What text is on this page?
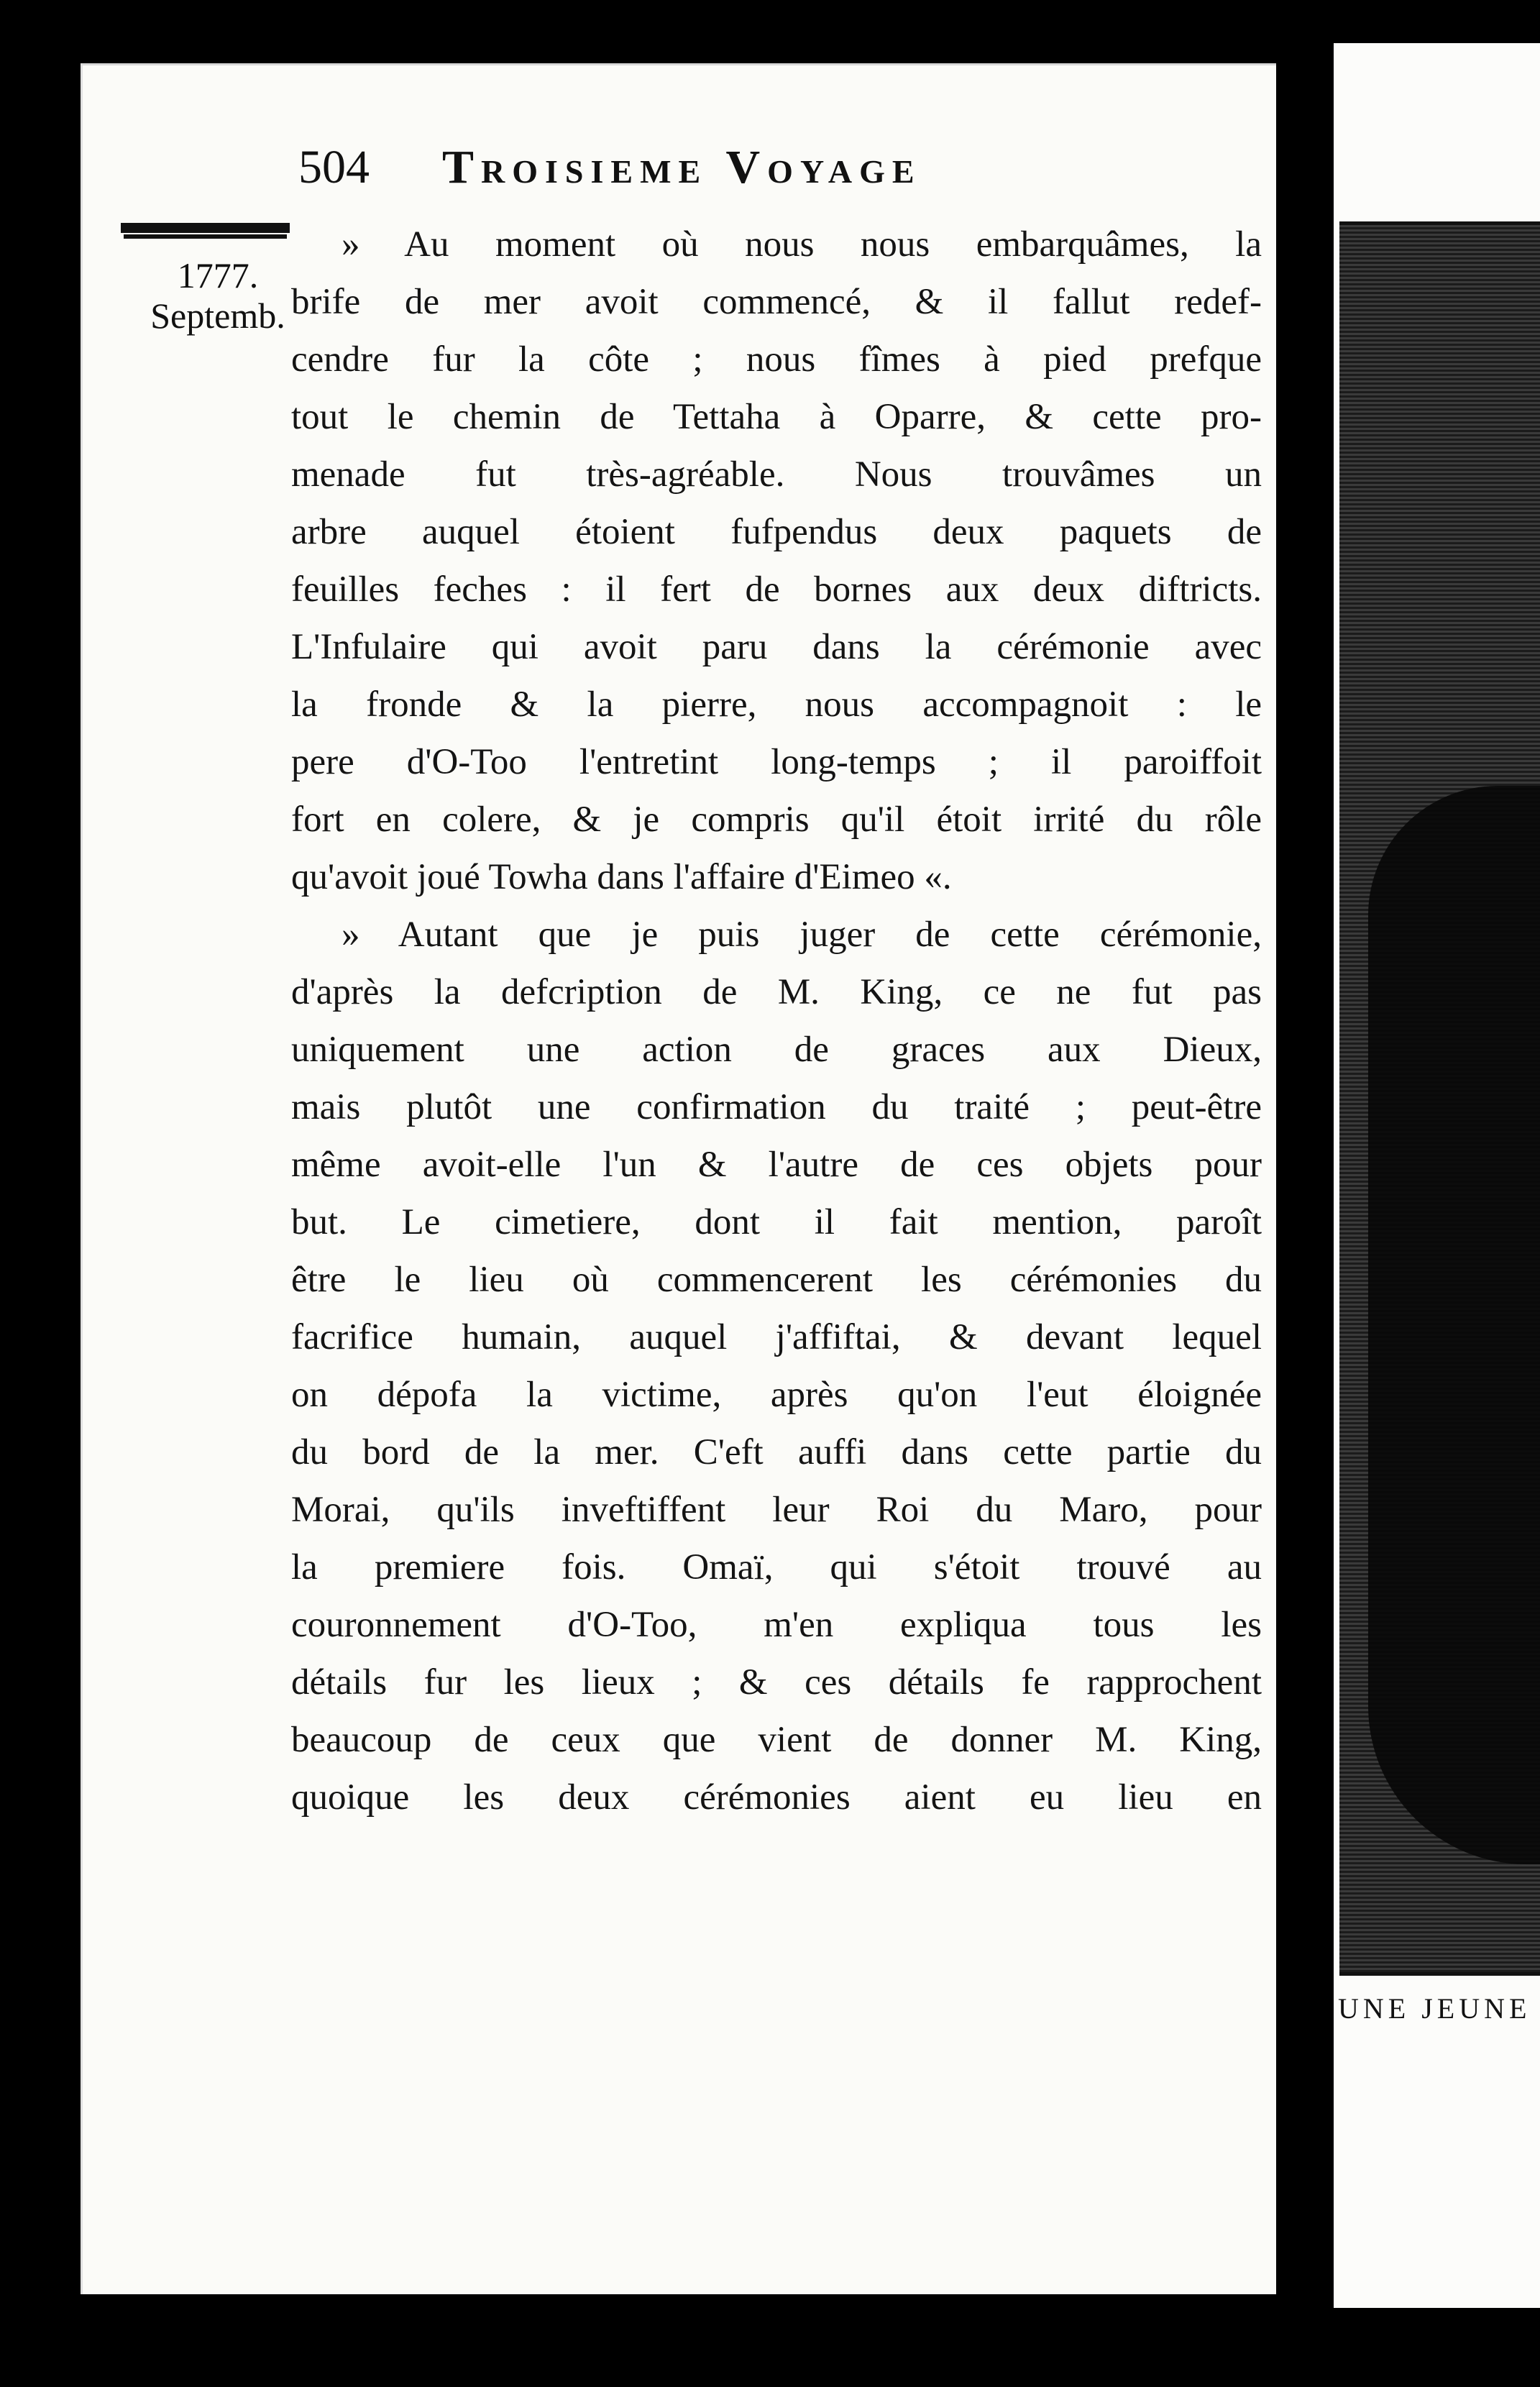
504 Troisieme Voyage
1777.
Septemb.
» Au moment où nous nous embarquâmes, la
brife de mer avoit commencé, & il fallut redef-
cendre fur la côte ; nous fîmes à pied prefque
tout le chemin de Tettaha à Oparre, & cette pro-
menade fut très-agréable. Nous trouvâmes un
arbre auquel étoient fufpendus deux paquets de
feuilles feches : il fert de bornes aux deux diftricts.
L'Infulaire qui avoit paru dans la cérémonie avec
la fronde & la pierre, nous accompagnoit : le
pere d'O-Too l'entretint long-temps ; il paroiffoit
fort en colere, & je compris qu'il étoit irrité du rôle
qu'avoit joué Towha dans l'affaire d'Eimeo «.
» Autant que je puis juger de cette cérémonie,
d'après la defcription de M. King, ce ne fut pas
uniquement une action de graces aux Dieux,
mais plutôt une confirmation du traité ; peut-être
même avoit-elle l'un & l'autre de ces objets pour
but. Le cimetiere, dont il fait mention, paroît
être le lieu où commencerent les cérémonies du
facrifice humain, auquel j'affiftai, & devant lequel
on dépofa la victime, après qu'on l'eut éloignée
du bord de la mer. C'eft auffi dans cette partie du
Morai, qu'ils inveftiffent leur Roi du Maro, pour
la premiere fois. Omaï, qui s'étoit trouvé au
couronnement d'O-Too, m'en expliqua tous les
détails fur les lieux ; & ces détails fe rapprochent
beaucoup de ceux que vient de donner M. King,
quoique les deux cérémonies aient eu lieu en
UNE JEUNE
